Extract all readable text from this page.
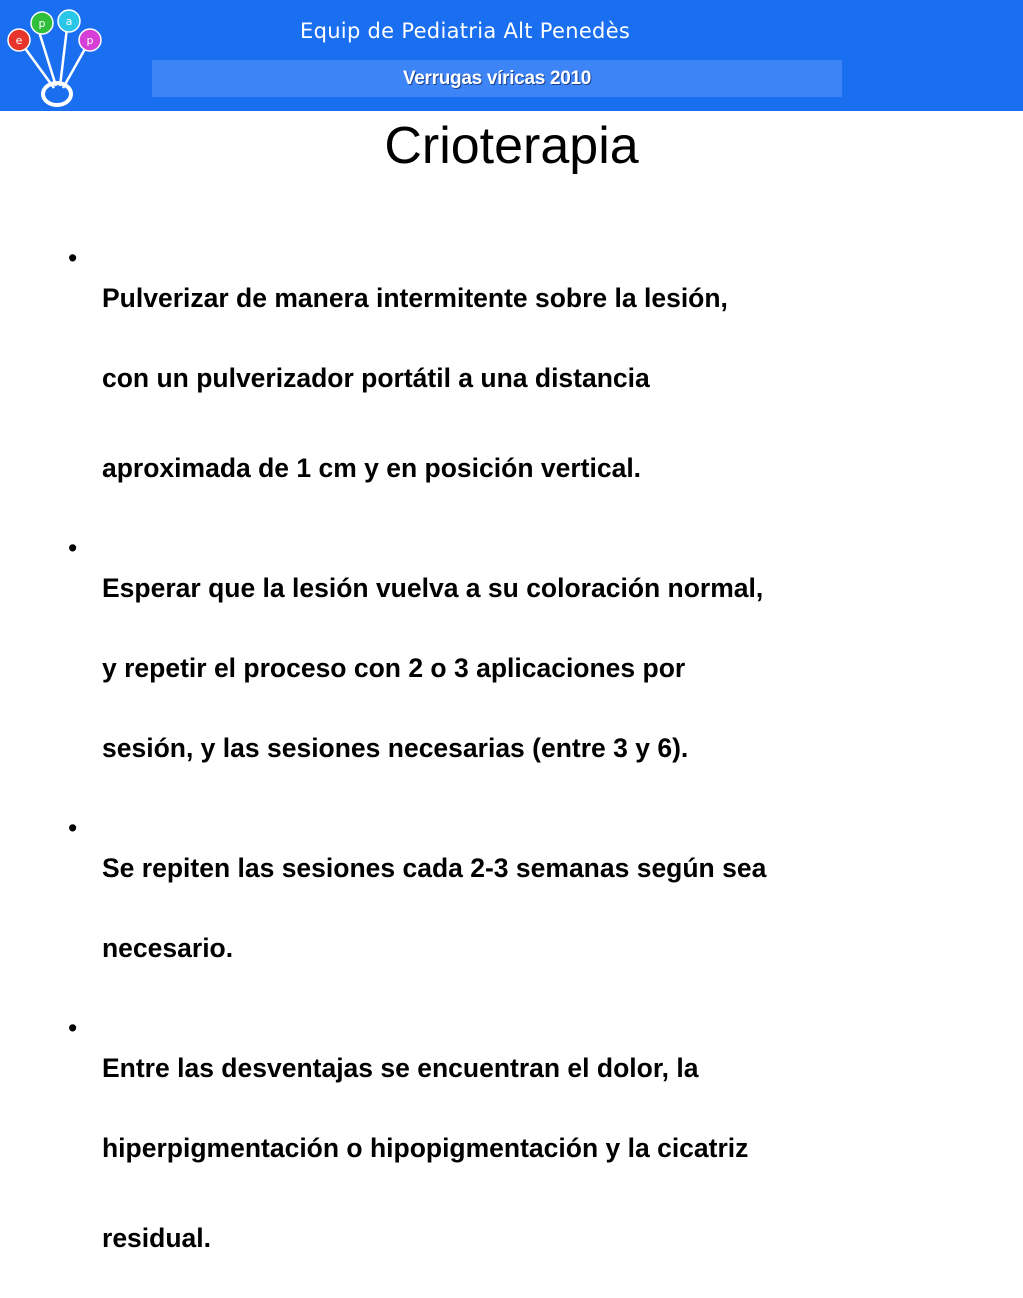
e
p a
p	Equip de Pediatria Alt Penedès
Verrugas víricas 2010
Crioterapia
•

Pulverizar de manera intermitente sobre la lesión,

con un pulverizador portátil a una distancia

aproximada de 1 cm y en posición vertical.

•

Esperar que la lesión vuelva a su coloración normal,

y repetir el proceso con 2 o 3 aplicaciones por

sesión, y las sesiones necesarias (entre 3 y 6).

•

Se repiten las sesiones cada 2-3 semanas según sea

necesario.

•

Entre las desventajas se encuentran el dolor, la

hiperpigmentación o hipopigmentación y la cicatriz

residual.
